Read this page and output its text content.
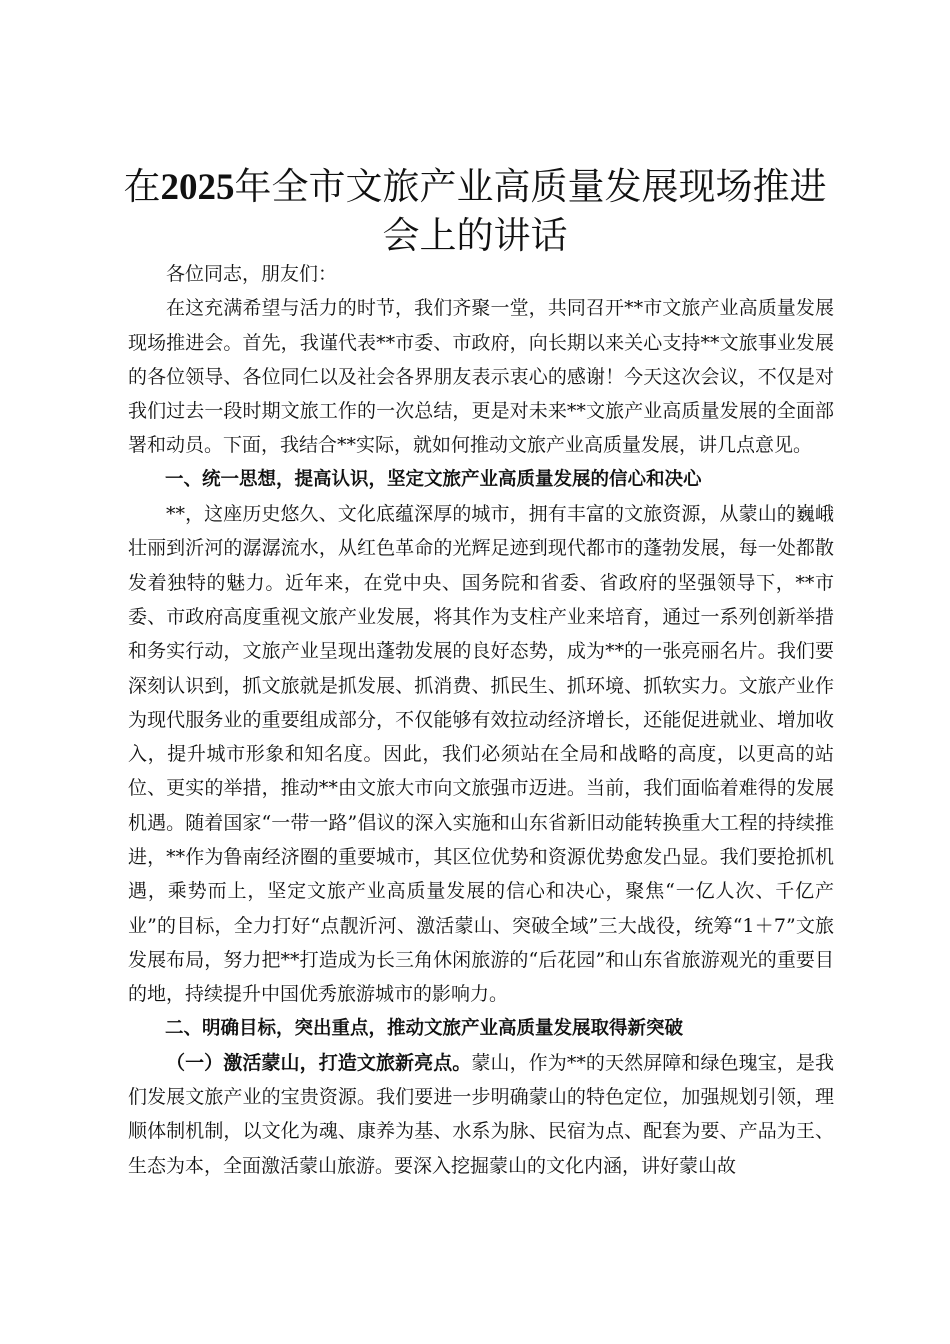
在2025年全市文旅产业高质量发展现场推进会上的讲话

各位同志，朋友们：

在这充满希望与活力的时节，我们齐聚一堂，共同召开**市文旅产业高质量发展现场推进会。首先，我谨代表**市委、市政府，向长期以来关心支持**文旅事业发展的各位领导、各位同仁以及社会各界朋友表示衷心的感谢！今天这次会议，不仅是对我们过去一段时期文旅工作的一次总结，更是对未来**文旅产业高质量发展的全面部署和动员。下面，我结合**实际，就如何推动文旅产业高质量发展，讲几点意见。

一、统一思想，提高认识，坚定文旅产业高质量发展的信心和决心

**，这座历史悠久、文化底蕴深厚的城市，拥有丰富的文旅资源，从蒙山的巍峨壮丽到沂河的潺潺流水，从红色革命的光辉足迹到现代都市的蓬勃发展，每一处都散发着独特的魅力。近年来，在党中央、国务院和省委、省政府的坚强领导下，**市委、市政府高度重视文旅产业发展，将其作为支柱产业来培育，通过一系列创新举措和务实行动，文旅产业呈现出蓬勃发展的良好态势，成为**的一张亮丽名片。我们要深刻认识到，抓文旅就是抓发展、抓消费、抓民生、抓环境、抓软实力。文旅产业作为现代服务业的重要组成部分，不仅能够有效拉动经济增长，还能促进就业、增加收入，提升城市形象和知名度。因此，我们必须站在全局和战略的高度，以更高的站位、更实的举措，推动**由文旅大市向文旅强市迈进。当前，我们面临着难得的发展机遇。随着国家“一带一路”倡议的深入实施和山东省新旧动能转换重大工程的持续推进，**作为鲁南经济圈的重要城市，其区位优势和资源优势愈发凸显。我们要抢抓机遇，乘势而上，坚定文旅产业高质量发展的信心和决心，聚焦“一亿人次、千亿产业”的目标，全力打好“点靓沂河、激活蒙山、突破全域”三大战役，统筹“1＋7”文旅发展布局，努力把**打造成为长三角休闲旅游的“后花园”和山东省旅游观光的重要目的地，持续提升中国优秀旅游城市的影响力。

二、明确目标，突出重点，推动文旅产业高质量发展取得新突破

（一）激活蒙山，打造文旅新亮点。蒙山，作为**的天然屏障和绿色瑰宝，是我们发展文旅产业的宝贵资源。我们要进一步明确蒙山的特色定位，加强规划引领，理顺体制机制，以文化为魂、康养为基、水系为脉、民宿为点、配套为要、产品为王、生态为本，全面激活蒙山旅游。要深入挖掘蒙山的文化内涵，讲好蒙山故
